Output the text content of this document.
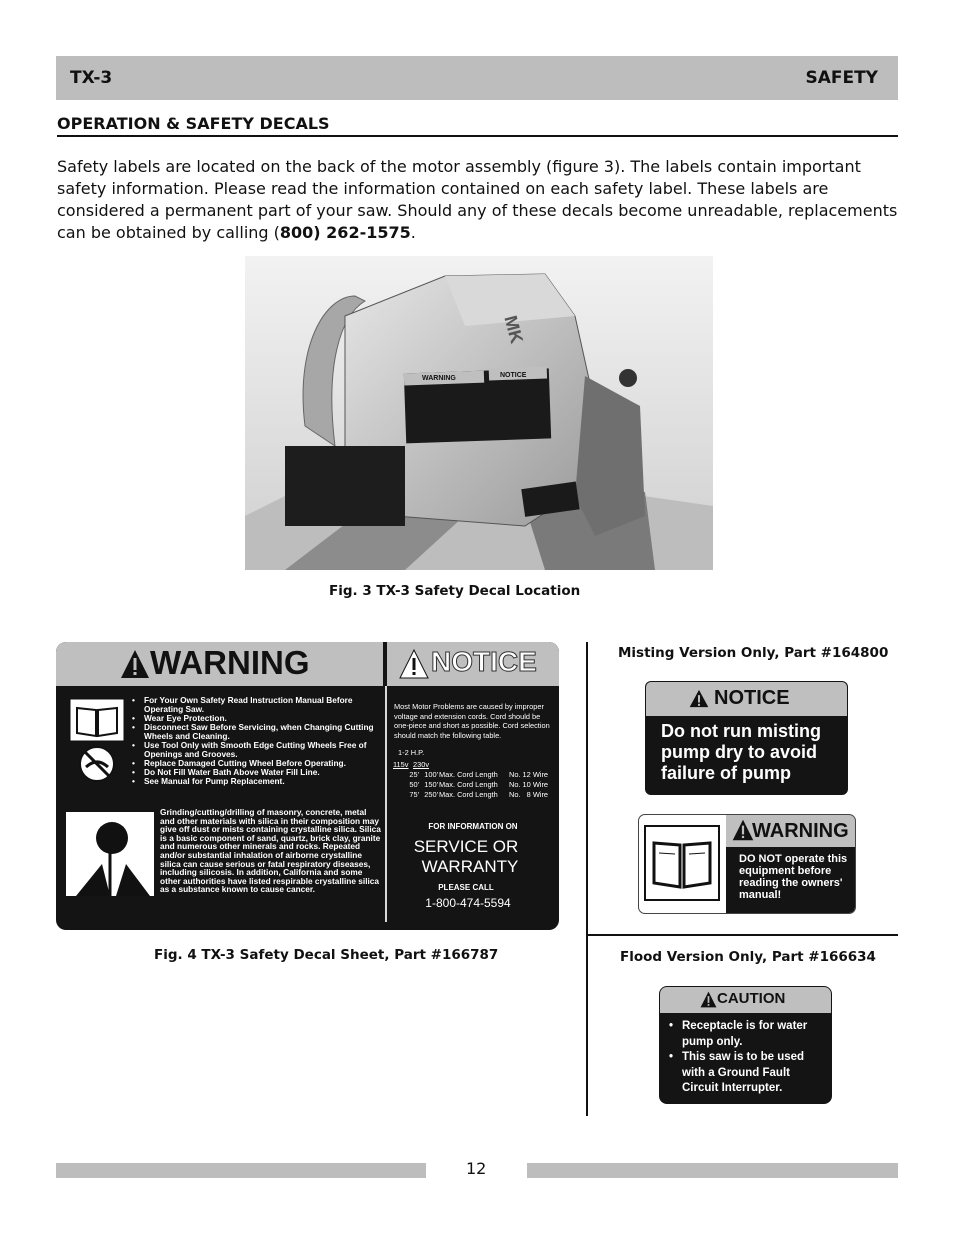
TX-3	SAFETY
OPERATION & SAFETY DECALS
Safety labels are located on the back of the motor assembly (figure 3). The labels contain important safety information. Please read the information contained on each safety label. These labels are considered a permanent part of your saw. Should any of these decals become unreadable, replacements can be obtained by calling (800) 262-1575.
WARNING	NOTICE
MK
Fig. 3 TX-3 Safety Decal Location
WARNING	NOTICE
• For Your Own Safety Read Instruction Manual Before Operating Saw.
• Wear Eye Protection.
• Disconnect Saw Before Servicing, when Changing Cutting Wheels and Cleaning.
• Use Tool Only with Smooth Edge Cutting Wheels Free of Openings and Grooves.
• Replace Damaged Cutting Wheel Before Operating.
• Do Not Fill Water Bath Above Water Fill Line.
• See Manual for Pump Replacement.
Grinding/cutting/drilling of masonry, concrete, metal and other materials with silica in their composition may give off dust or mists containing crystalline silica. Silica is a basic component of sand, quartz, brick clay, granite and numerous other minerals and rocks. Repeated and/or substantial inhalation of airborne crystalline silica can cause serious or fatal respiratory diseases, including silicosis. In addition, California and some other authorities have listed respirable crystalline silica as a substance known to cause cancer.
Most Motor Problems are caused by improper voltage and extension cords. Cord should be one-piece and short as possible. Cord selection should match the following table.
1-2 H.P.
115v 230v
25' 100' Max. Cord Length No. 12 Wire
50' 150' Max. Cord Length No. 10 Wire
75' 250' Max. Cord Length No.   8 Wire
FOR INFORMATION ON
SERVICE OR
WARRANTY
PLEASE CALL
1-800-474-5594
Fig. 4 TX-3 Safety Decal Sheet, Part #166787
Misting Version Only, Part #164800
NOTICE
Do not run misting pump dry to avoid failure of pump
WARNING
DO NOT operate this equipment before reading the owners' manual!
Flood Version Only, Part #166634
CAUTION
• Receptacle is for water pump only.
• This saw is to be used with a Ground Fault Circuit Interrupter.
12
